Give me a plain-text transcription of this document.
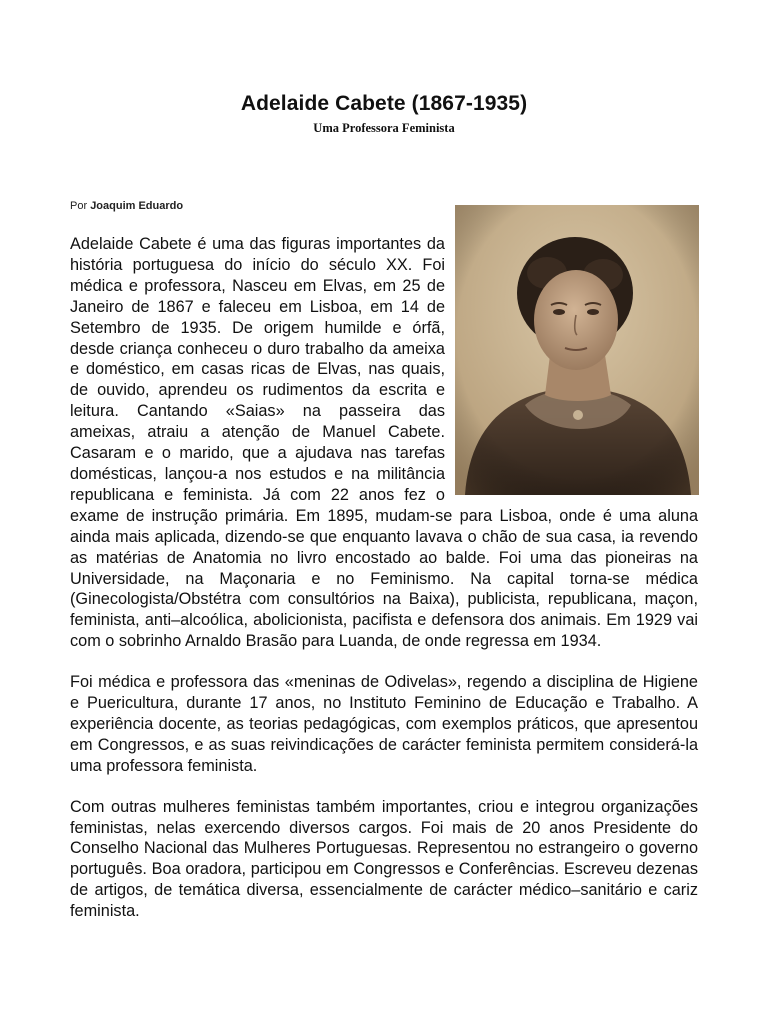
Adelaide Cabete (1867-1935)
Uma Professora Feminista
Por Joaquim Eduardo

Adelaide Cabete é uma das figuras importantes da história portuguesa do início do século XX. Foi médica e professora, Nasceu em Elvas, em 25 de Janeiro de 1867 e faleceu em Lisboa, em 14 de Setembro de 1935. De origem humilde e órfã, desde criança conheceu o duro trabalho da ameixa e doméstico, em casas ricas de Elvas, nas quais, de ouvido, aprendeu os rudimentos da escrita e leitura. Cantando «Saias» na passeira das ameixas, atraiu a atenção de Manuel Cabete. Casaram e o marido, que a ajudava nas tarefas domésticas, lançou-a nos estudos e na militância republicana e feminista. Já com 22 anos fez o exame de instrução primária. Em 1895, mudam-se para Lisboa, onde é uma aluna ainda mais aplicada, dizendo-se que enquanto lavava o chão de sua casa, ia revendo as matérias de Anatomia no livro encostado ao balde. Foi uma das pioneiras na Universidade, na Maçonaria e no Feminismo. Na capital torna-se médica (Ginecologista/Obstétra com consultórios na Baixa), publicista, republicana, maçon, feminista, anti–alcoólica, abolicionista, pacifista e defensora dos animais. Em 1929 vai com o sobrinho Arnaldo Brasão para Luanda, de onde regressa em 1934.

Foi médica e professora das «meninas de Odivelas», regendo a disciplina de Higiene e Puericultura, durante 17 anos, no Instituto Feminino de Educação e Trabalho. A experiência docente, as teorias pedagógicas, com exemplos práticos, que apresentou em Congressos, e as suas reivindicações de carácter feminista permitem considerá-la uma professora feminista.

Com outras mulheres feministas também importantes, criou e integrou organizações feministas, nelas exercendo diversos cargos. Foi mais de 20 anos Presidente do Conselho Nacional das Mulheres Portuguesas. Representou no estrangeiro o governo português. Boa oradora, participou em Congressos e Conferências. Escreveu dezenas de artigos, de temática diversa, essencialmente de carácter médico–sanitário e cariz feminista.
